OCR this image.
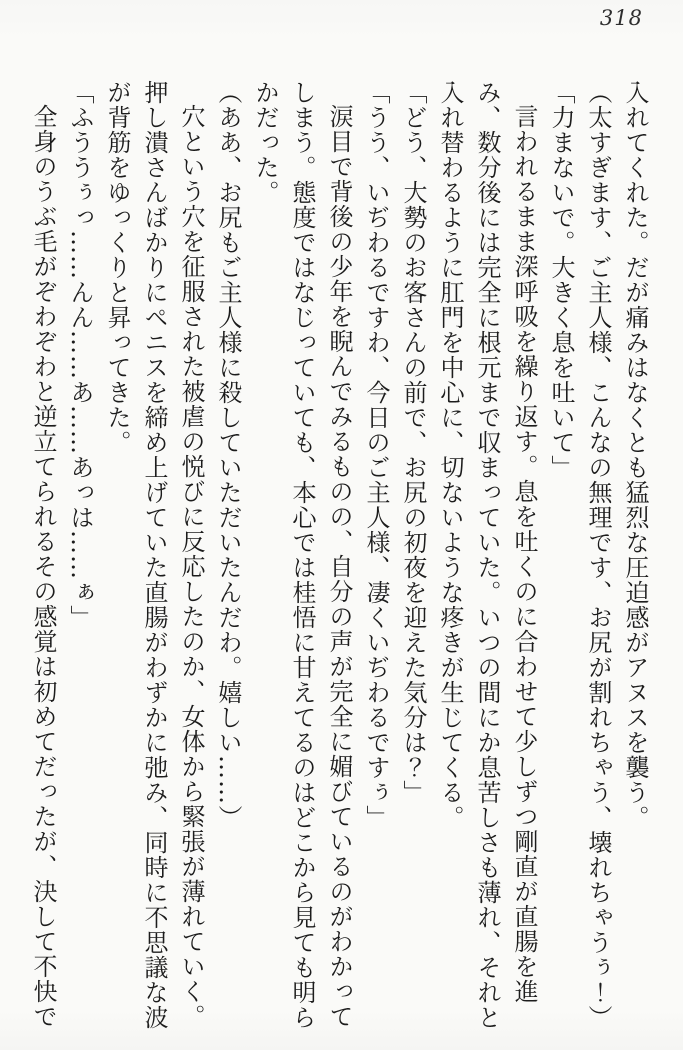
318

入れてくれた。だが痛みはなくとも猛烈な圧迫感がアヌスを襲う。

（太すぎます、ご主人様、こんなの無理です、お尻が割れちゃう、壊れちゃうぅ！）

「力まないで。大きく息を吐いて」

言われるまま深呼吸を繰り返す。息を吐くのに合わせて少しずつ剛直が直腸を進み、数分後には完全に根元まで収まっていた。いつの間にか息苦しさも薄れ、それと入れ替わるように肛門を中心に、切ないような疼きが生じてくる。

「どう、大勢のお客さんの前で、お尻の初夜を迎えた気分は？」

「うう、いぢわるですわ、今日のご主人様、凄くいぢわるですぅ」

涙目で背後の少年を睨んでみるものの、自分の声が完全に媚びているのがわかってしまう。態度ではなじっていても、本心では桂悟に甘えてるのはどこから見ても明らかだった。

（ああ、お尻もご主人様に殺していただいたんだわ。嬉しい……）

穴という穴を征服された被虐の悦びに反応したのか、女体から緊張が薄れていく。押し潰さんばかりにペニスを締め上げていた直腸がわずかに弛み、同時に不思議な波が背筋をゆっくりと昇ってきた。

「ふううぅっ……んん……あ……あっは……ぁ」

全身のうぶ毛がぞわぞわと逆立てられるその感覚は初めてだったが、決して不快で
